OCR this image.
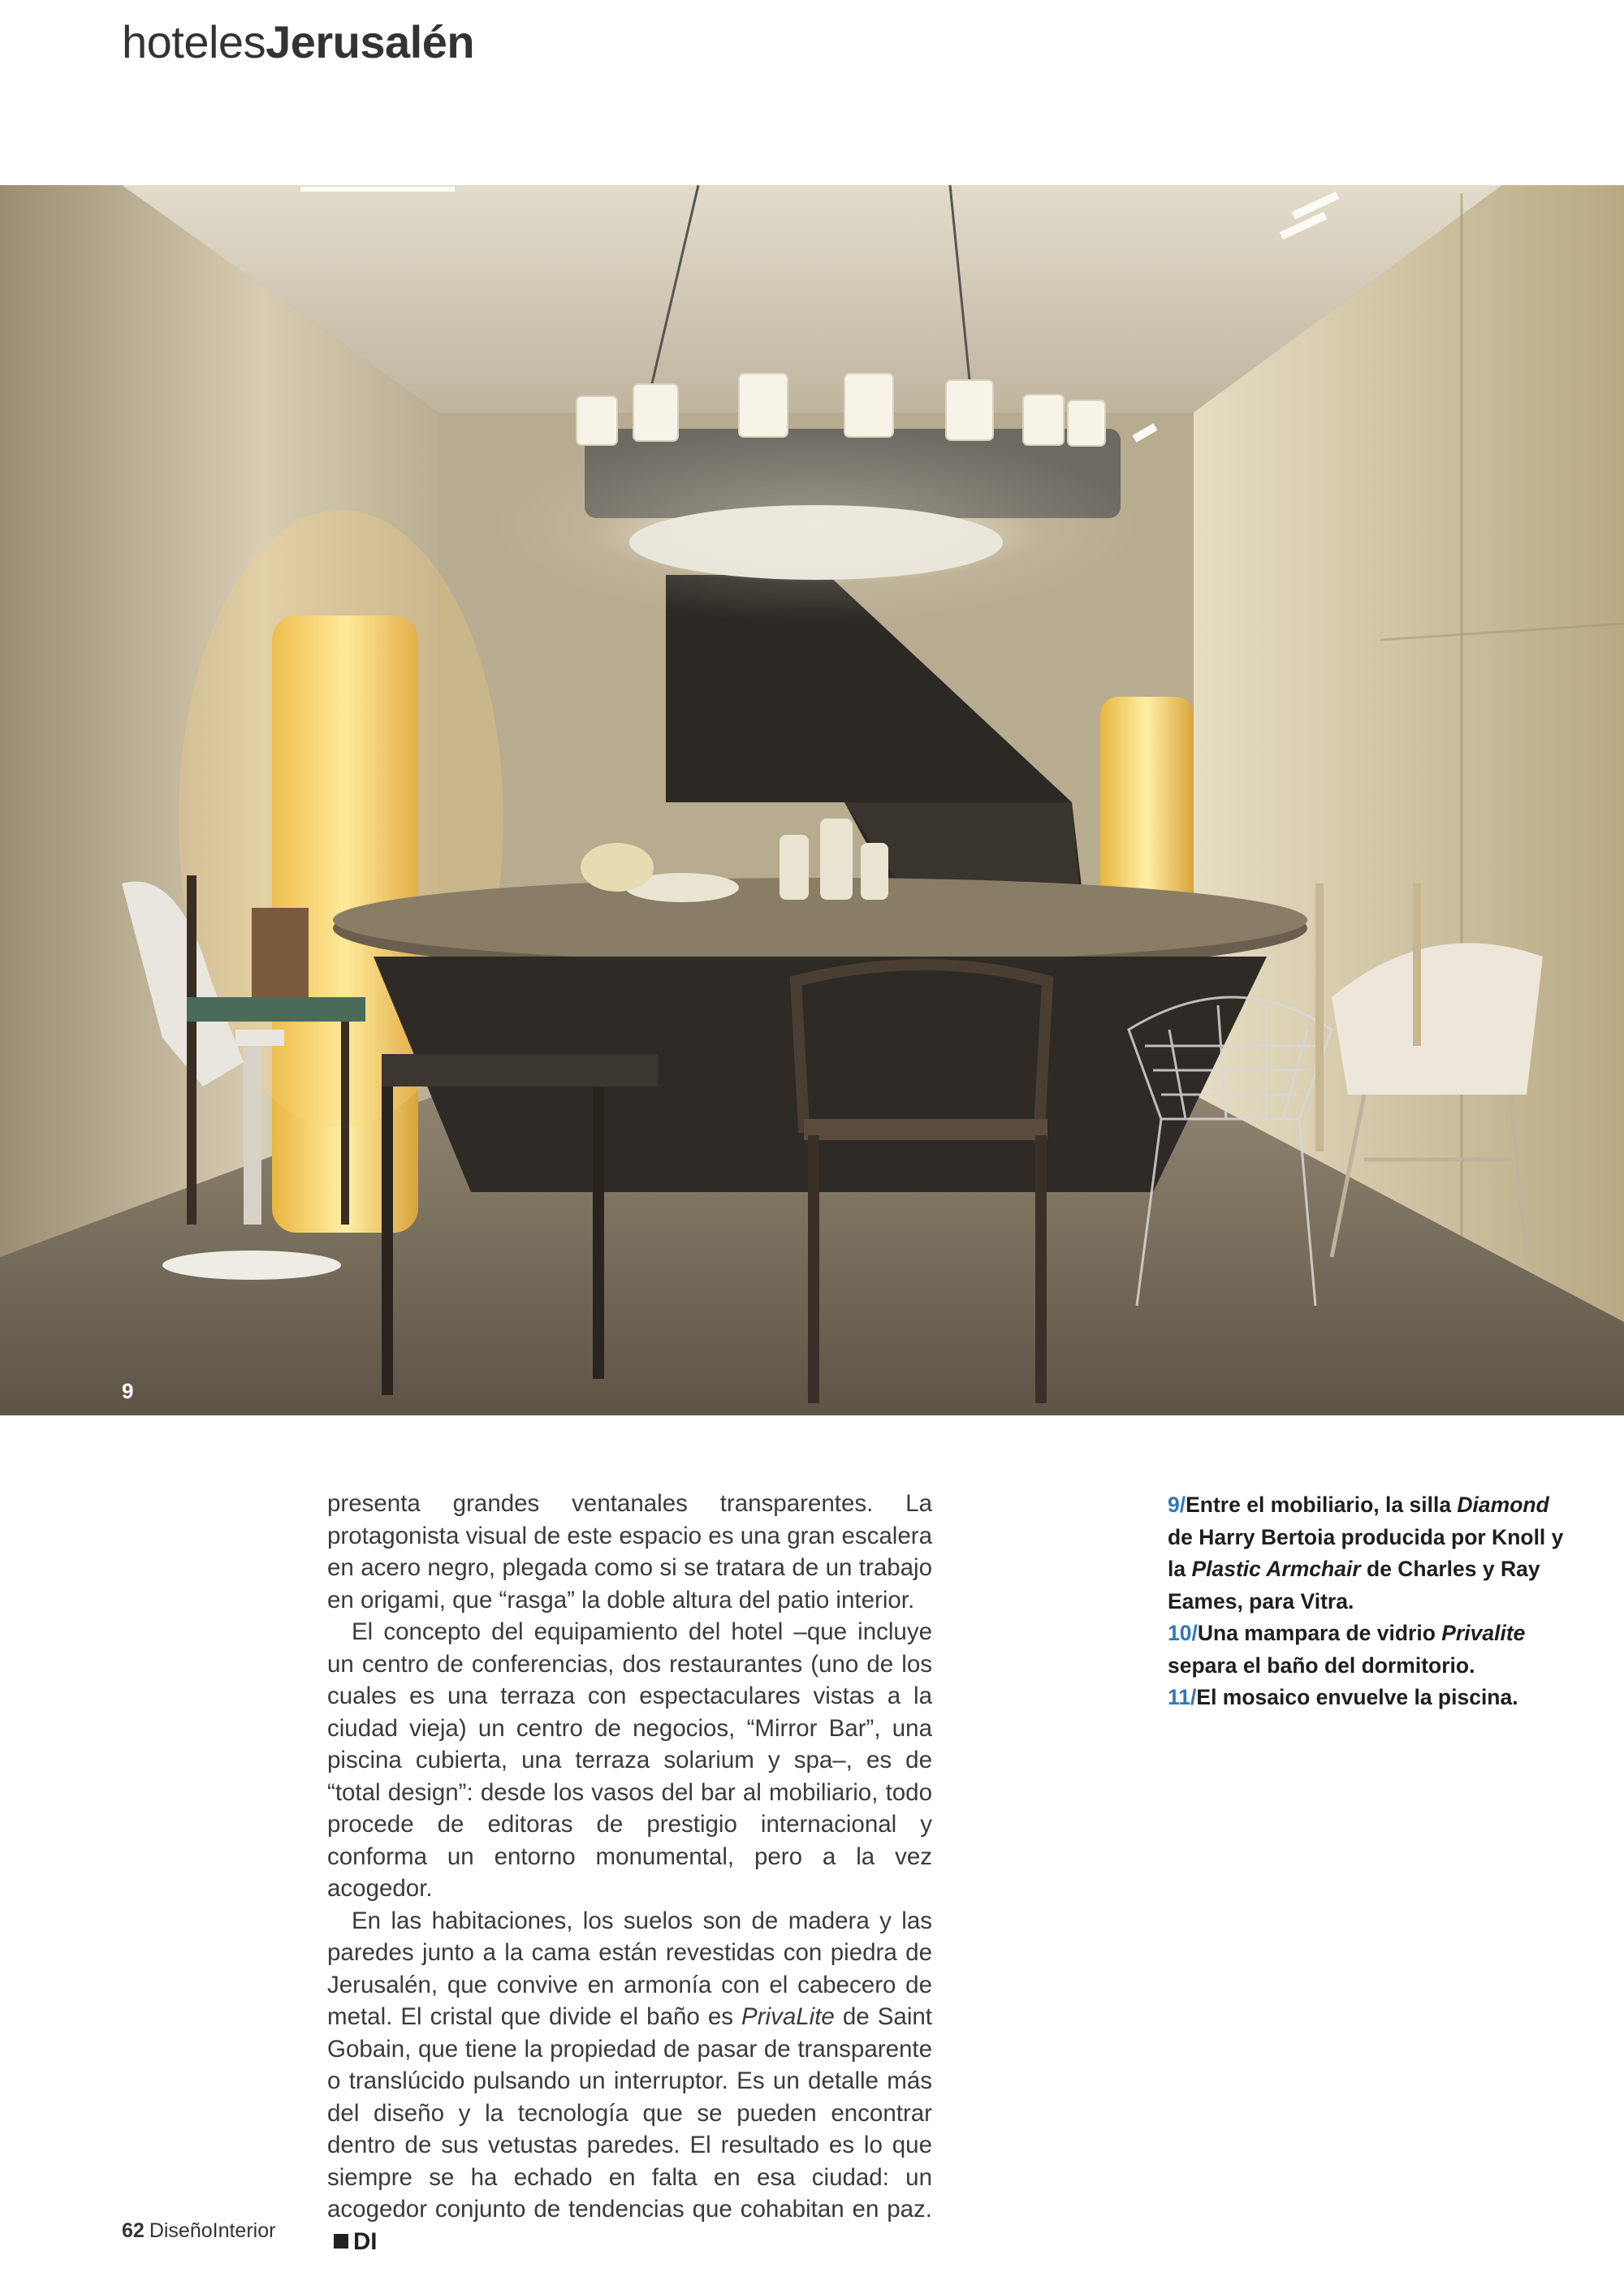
hotelesJerusalén
9

presenta grandes ventanales transparentes. La protagonista visual de este espacio es una gran escalera en acero negro, plegada como si se tratara de un trabajo en origami, que “rasga” la doble altura del patio interior.

El concepto del equipamiento del hotel –que incluye un centro de conferencias, dos restaurantes (uno de los cuales es una terraza con espectaculares vistas a la ciudad vieja) un centro de negocios, “Mirror Bar”, una piscina cubierta, una terraza solarium y spa–, es de “total design”: desde los vasos del bar al mobiliario, todo procede de editoras de prestigio internacional y conforma un entorno monumental, pero a la vez acogedor.

En las habitaciones, los suelos son de madera y las paredes junto a la cama están revestidas con piedra de Jerusalén, que convive en armonía con el cabecero de metal. El cristal que divide el baño es PrivaLite de Saint Gobain, que tiene la propiedad de pasar de transparente o translúcido pulsando un interruptor. Es un detalle más del diseño y la tecnología que se pueden encontrar dentro de sus vetustas paredes. El resultado es lo que siempre se ha echado en falta en esa ciudad: un acogedor conjunto de tendencias que cohabitan en paz.DI

9/Entre el mobiliario, la silla Diamond de Harry Bertoia producida por Knoll y la Plastic Armchair de Charles y Ray Eames, para Vitra.

10/Una mampara de vidrio Privalite separa el baño del dormitorio.

11/El mosaico envuelve la piscina.

62 DiseñoInterior
